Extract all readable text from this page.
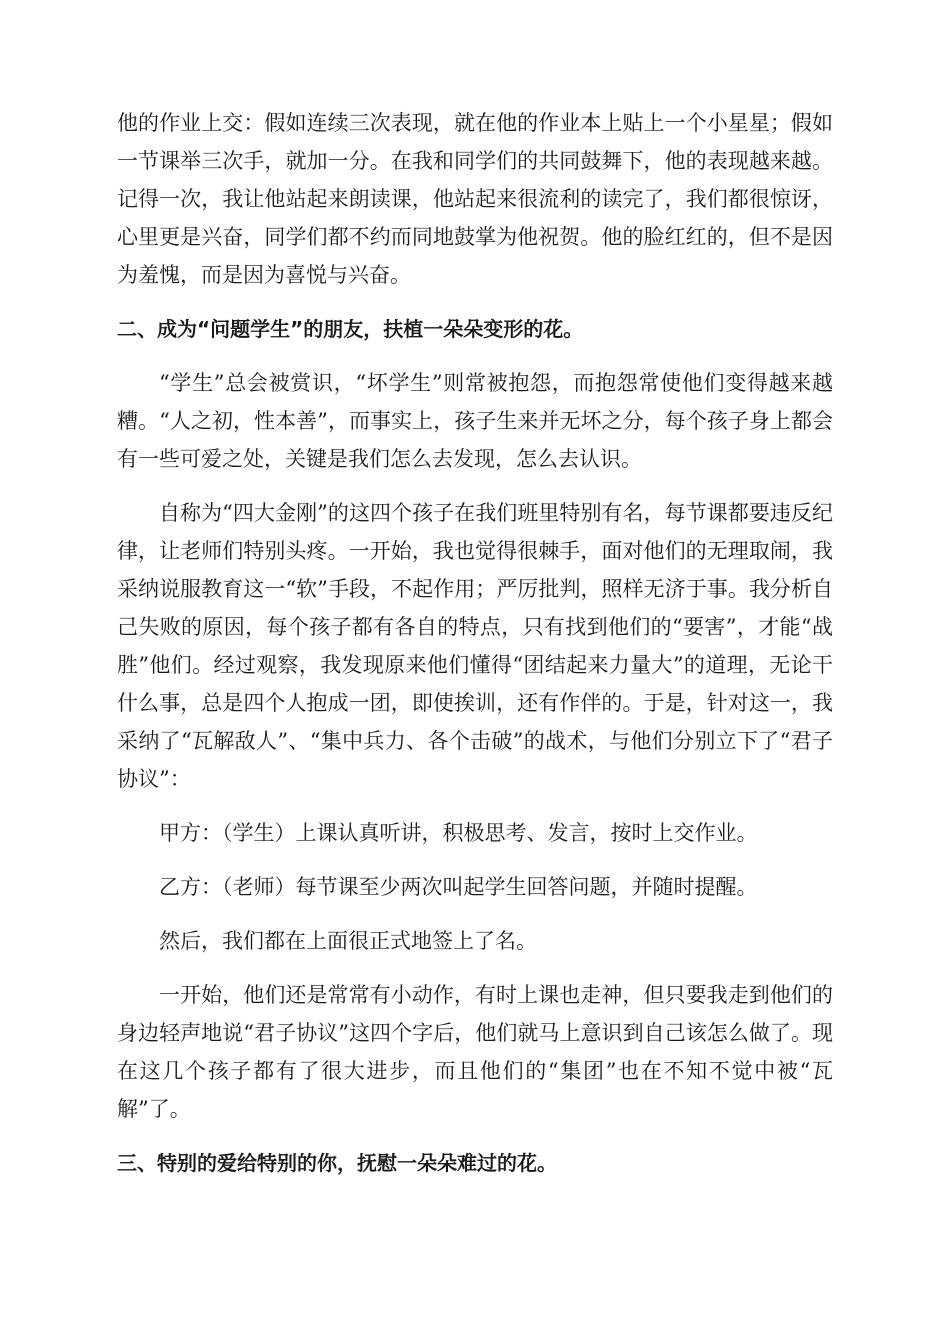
他的作业上交：假如连续三次表现，就在他的作业本上贴上一个小星星；假如一节课举三次手，就加一分。在我和同学们的共同鼓舞下，他的表现越来越。记得一次，我让他站起来朗读课，他站起来很流利的读完了，我们都很惊讶，心里更是兴奋，同学们都不约而同地鼓掌为他祝贺。他的脸红红的，但不是因为羞愧，而是因为喜悦与兴奋。

二、成为“问题学生”的朋友，扶植一朵朵变形的花。

“学生”总会被赏识，“坏学生”则常被抱怨，而抱怨常使他们变得越来越糟。“人之初，性本善”，而事实上，孩子生来并无坏之分，每个孩子身上都会有一些可爱之处，关键是我们怎么去发现，怎么去认识。

自称为“四大金刚”的这四个孩子在我们班里特别有名，每节课都要违反纪律，让老师们特别头疼。一开始，我也觉得很棘手，面对他们的无理取闹，我采纳说服教育这一“软”手段，不起作用；严厉批判，照样无济于事。我分析自己失败的原因，每个孩子都有各自的特点，只有找到他们的“要害”，才能“战胜”他们。经过观察，我发现原来他们懂得“团结起来力量大”的道理，无论干什么事，总是四个人抱成一团，即使挨训，还有作伴的。于是，针对这一，我采纳了“瓦解敌人”、“集中兵力、各个击破”的战术，与他们分别立下了“君子协议”：

甲方：（学生）上课认真听讲，积极思考、发言，按时上交作业。

乙方：（老师）每节课至少两次叫起学生回答问题，并随时提醒。

然后，我们都在上面很正式地签上了名。

一开始，他们还是常常有小动作，有时上课也走神，但只要我走到他们的身边轻声地说“君子协议”这四个字后，他们就马上意识到自己该怎么做了。现在这几个孩子都有了很大进步，而且他们的“集团”也在不知不觉中被“瓦解”了。

三、特别的爱给特别的你，抚慰一朵朵难过的花。
